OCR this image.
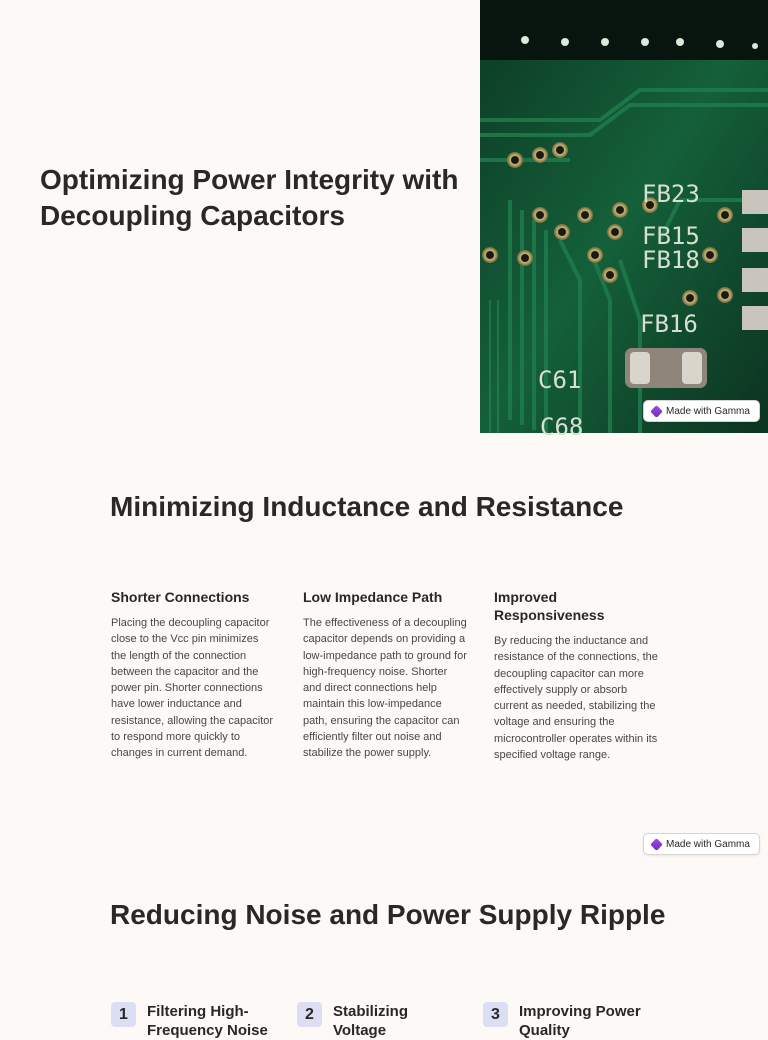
Optimizing Power Integrity with Decoupling Capacitors
FB23
FB15
FB18
FB16
C61
C68
Made with Gamma
Minimizing Inductance and Resistance
Shorter Connections

Placing the decoupling capacitor close to the Vcc pin minimizes the length of the connection between the capacitor and the power pin. Shorter connections have lower inductance and resistance, allowing the capacitor to respond more quickly to changes in current demand.

Low Impedance Path

The effectiveness of a decoupling capacitor depends on providing a low-impedance path to ground for high-frequency noise. Shorter and direct connections help maintain this low-impedance path, ensuring the capacitor can efficiently filter out noise and stabilize the power supply.

Improved Responsiveness

By reducing the inductance and resistance of the connections, the decoupling capacitor can more effectively supply or absorb current as needed, stabilizing the voltage and ensuring the microcontroller operates within its specified voltage range.

Made with Gamma
Reducing Noise and Power Supply Ripple
1	Filtering High-Frequency Noise
2	Stabilizing Voltage
3	Improving Power Quality
